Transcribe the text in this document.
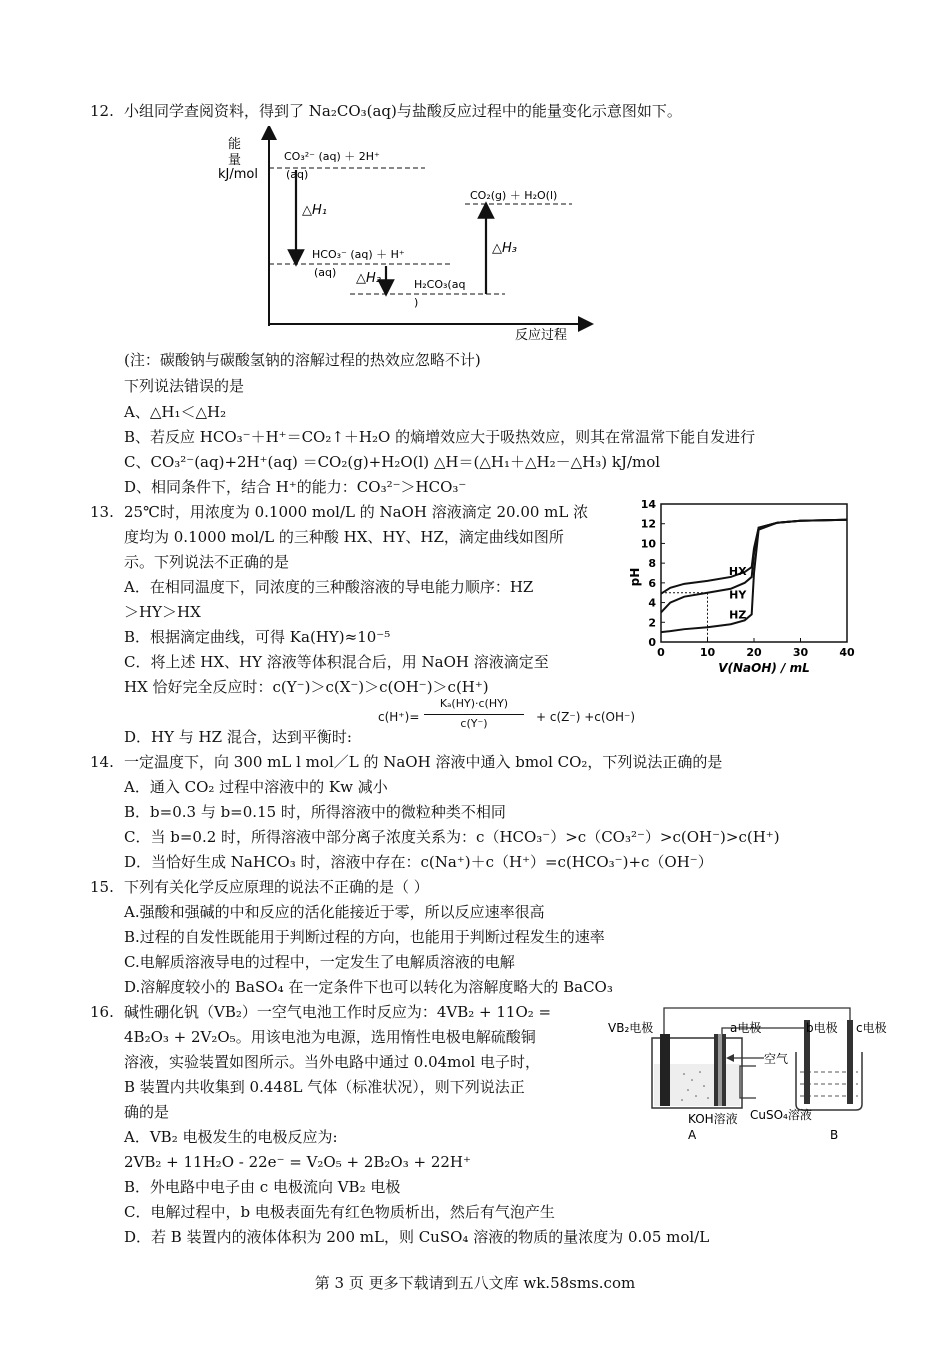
12. 小组同学查阅资料，得到了 Na₂CO₃(aq)与盐酸反应过程中的能量变化示意图如下。
能
量
kJ/mol
反应过程
CO₃²⁻ (aq) ＋ 2H⁺
(aq)
HCO₃⁻ (aq) ＋ H⁺
(aq)
H₂CO₃(aq
)
CO₂(g) ＋ H₂O(l)
△H₁
△H₂
△H₃
(注：碳酸钠与碳酸氢钠的溶解过程的热效应忽略不计)
下列说法错误的是
A、△H₁＜△H₂
B、若反应 HCO₃⁻＋H⁺＝CO₂↑＋H₂O 的熵增效应大于吸热效应，则其在常温常下能自发进行
C、CO₃²⁻(aq)+2H⁺(aq) ＝CO₂(g)+H₂O(l) △H＝(△H₁＋△H₂－△H₃) kJ/mol
D、相同条件下，结合 H⁺的能力：CO₃²⁻＞HCO₃⁻
13. 25℃时，用浓度为 0.1000 mol/L 的 NaOH 溶液滴定 20.00 mL 浓
度均为 0.1000 mol/L 的三种酸 HX、HY、HZ，滴定曲线如图所
示。下列说法不正确的是
A．在相同温度下，同浓度的三种酸溶液的导电能力顺序：HZ
＞HY＞HX
B．根据滴定曲线，可得 Ka(HY)≈10⁻⁵
C．将上述 HX、HY 溶液等体积混合后，用 NaOH 溶液滴定至
HX 恰好完全反应时：c(Y⁻)＞c(X⁻)＞c(OH⁻)＞c(H⁺)
c(H⁺)=
Kₐ(HY)·c(HY)
c(Y⁻)	+ c(Z⁻) +c(OH⁻)
D．HY 与 HZ 混合，达到平衡时:
0
2
4
6
8
10
12
14
0	10	20	30	40
V(NaOH) / mL
pH	HX
HY
HZ
14. 一定温度下，向 300 mL l mol／L 的 NaOH 溶液中通入 bmol CO₂，下列说法正确的是
A．通入 CO₂ 过程中溶液中的 Kw 减小
B．b=0.3 与 b=0.15 时，所得溶液中的微粒种类不相同
C．当 b=0.2 时，所得溶液中部分离子浓度关系为：c（HCO₃⁻）>c（CO₃²⁻）>c(OH⁻)>c(H⁺)
D．当恰好生成 NaHCO₃ 时，溶液中存在：c(Na⁺)＋c（H⁺）=c(HCO₃⁻)+c（OH⁻）
15. 下列有关化学反应原理的说法不正确的是（ ）
A.强酸和强碱的中和反应的活化能接近于零，所以反应速率很高
B.过程的自发性既能用于判断过程的方向，也能用于判断过程发生的速率
C.电解质溶液导电的过程中，一定发生了电解质溶液的电解
D.溶解度较小的 BaSO₄ 在一定条件下也可以转化为溶解度略大的 BaCO₃
16. 碱性硼化钒（VB₂）一空气电池工作时反应为：4VB₂ + 11O₂ =
4B₂O₃ + 2V₂O₅。用该电池为电源，选用惰性电极电解硫酸铜
溶液，实验装置如图所示。当外电路中通过 0.04mol 电子时，
B 装置内共收集到 0.448L 气体（标准状况），则下列说法正
确的是
A．VB₂ 电极发生的电极反应为:
2VB₂ + 11H₂O - 22e⁻ = V₂O₅ + 2B₂O₃ + 22H⁺
B．外电路中电子由 c 电极流向 VB₂ 电极
C．电解过程中，b 电极表面先有红色物质析出，然后有气泡产生
D．若 B 装置内的液体体积为 200 mL，则 CuSO₄ 溶液的物质的量浓度为 0.05 mol/L
VB₂电极	a电极	b电极 c电极
空气
KOH溶液 CuSO₄溶液
A	B
第 3 页 更多下载请到五八文库 wk.58sms.com
